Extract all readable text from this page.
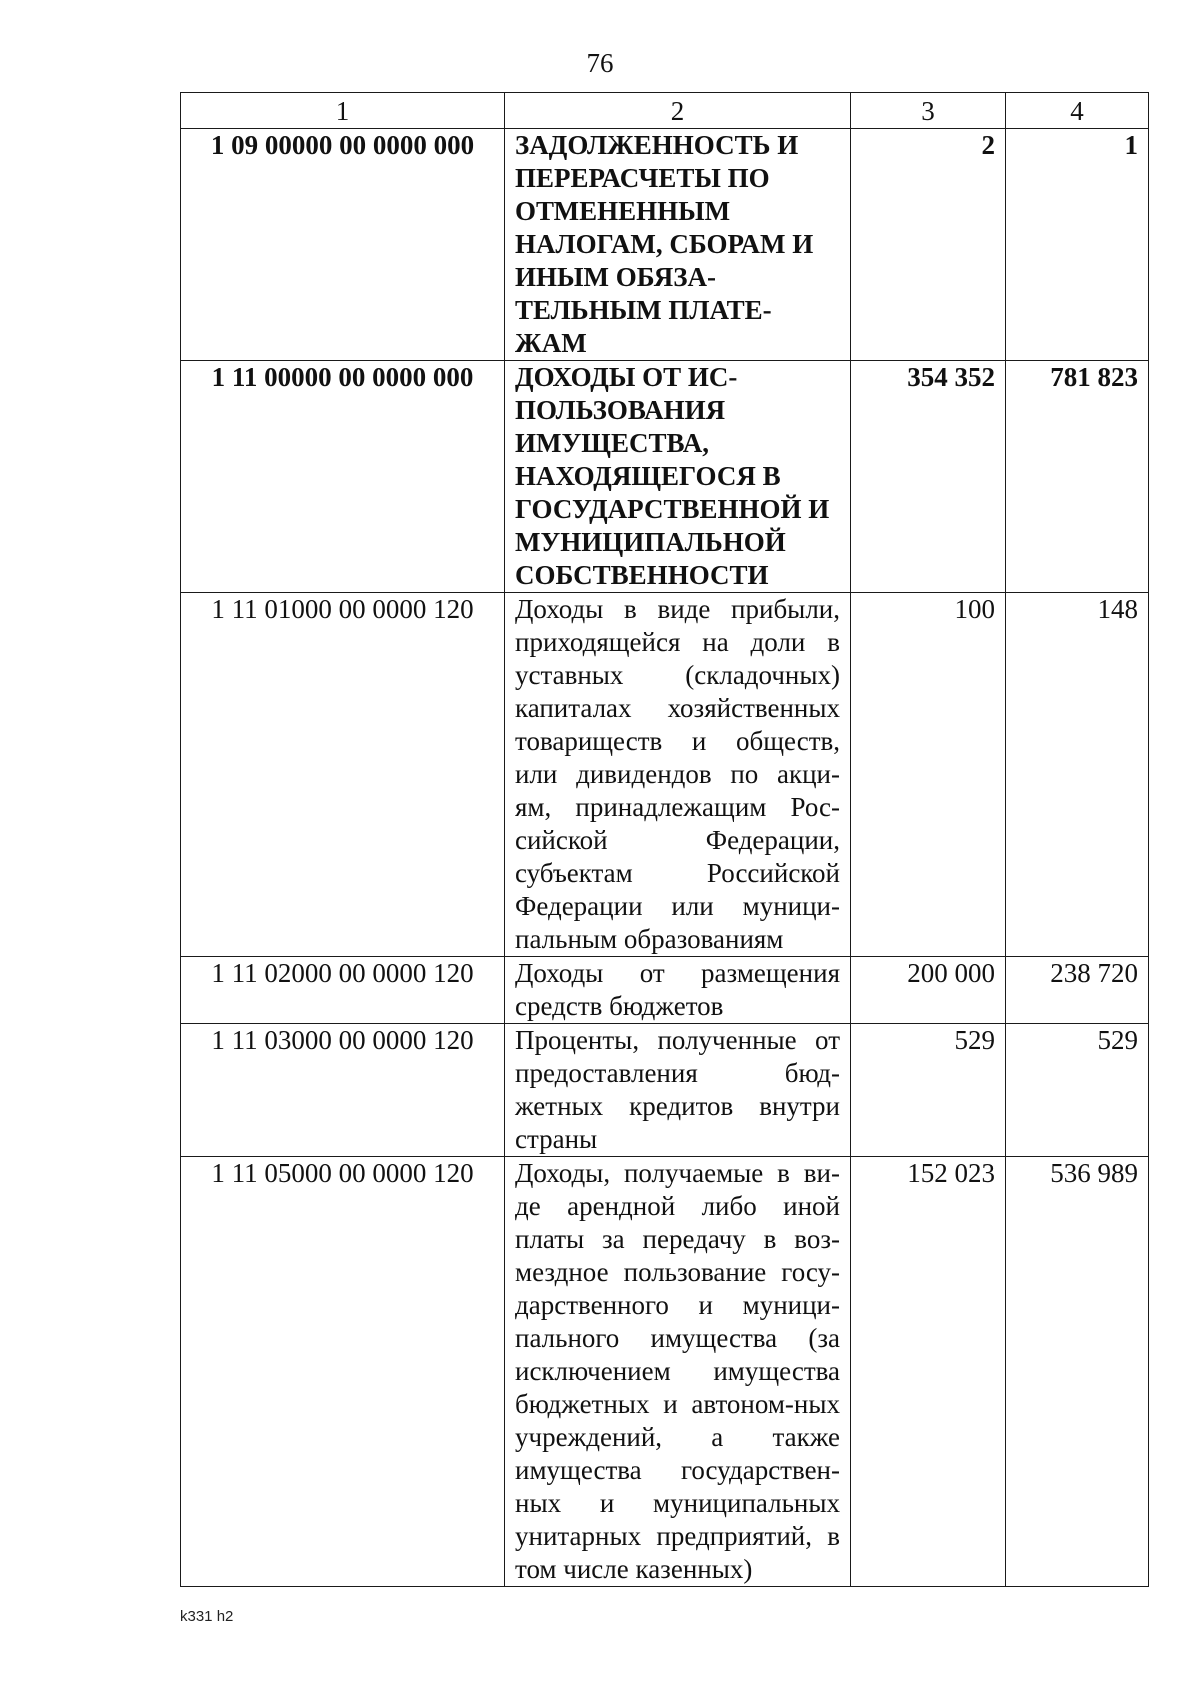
76
1	2	3	4
1 09 00000 00 0000 000	ЗАДОЛЖЕННОСТЬ И ПЕРЕРАСЧЕТЫ ПО ОТМЕНЕННЫМ НАЛОГАМ, СБОРАМ И ИНЫМ ОБЯЗА-ТЕЛЬНЫМ ПЛАТЕ-ЖАМ	2	1
1 11 00000 00 0000 000	ДОХОДЫ ОТ ИС-ПОЛЬЗОВАНИЯ ИМУЩЕСТВА, НАХОДЯЩЕГОСЯ В ГОСУДАРСТВЕННОЙ И МУНИЦИПАЛЬНОЙ СОБСТВЕННОСТИ	354 352	781 823
1 11 01000 00 0000 120	Доходы в виде прибыли, приходящейся на доли в уставных (складочных) капиталах хозяйственных товариществ и обществ, или дивидендов по акци-ям, принадлежащим Рос-сийской Федерации, субъектам Российской Федерации или муници-пальным образованиям	100	148
1 11 02000 00 0000 120	Доходы от размещения средств бюджетов	200 000	238 720
1 11 03000 00 0000 120	Проценты, полученные от предоставления бюд-жетных кредитов внутри страны	529	529
1 11 05000 00 0000 120	Доходы, получаемые в ви-де арендной либо иной платы за передачу в воз-мездное пользование госу-дарственного и муници-пального имущества (за исключением имущества бюджетных и автоном-ных учреждений, а также имущества государствен-ных и муниципальных унитарных предприятий, в том числе казенных)	152 023	536 989
k331 h2
